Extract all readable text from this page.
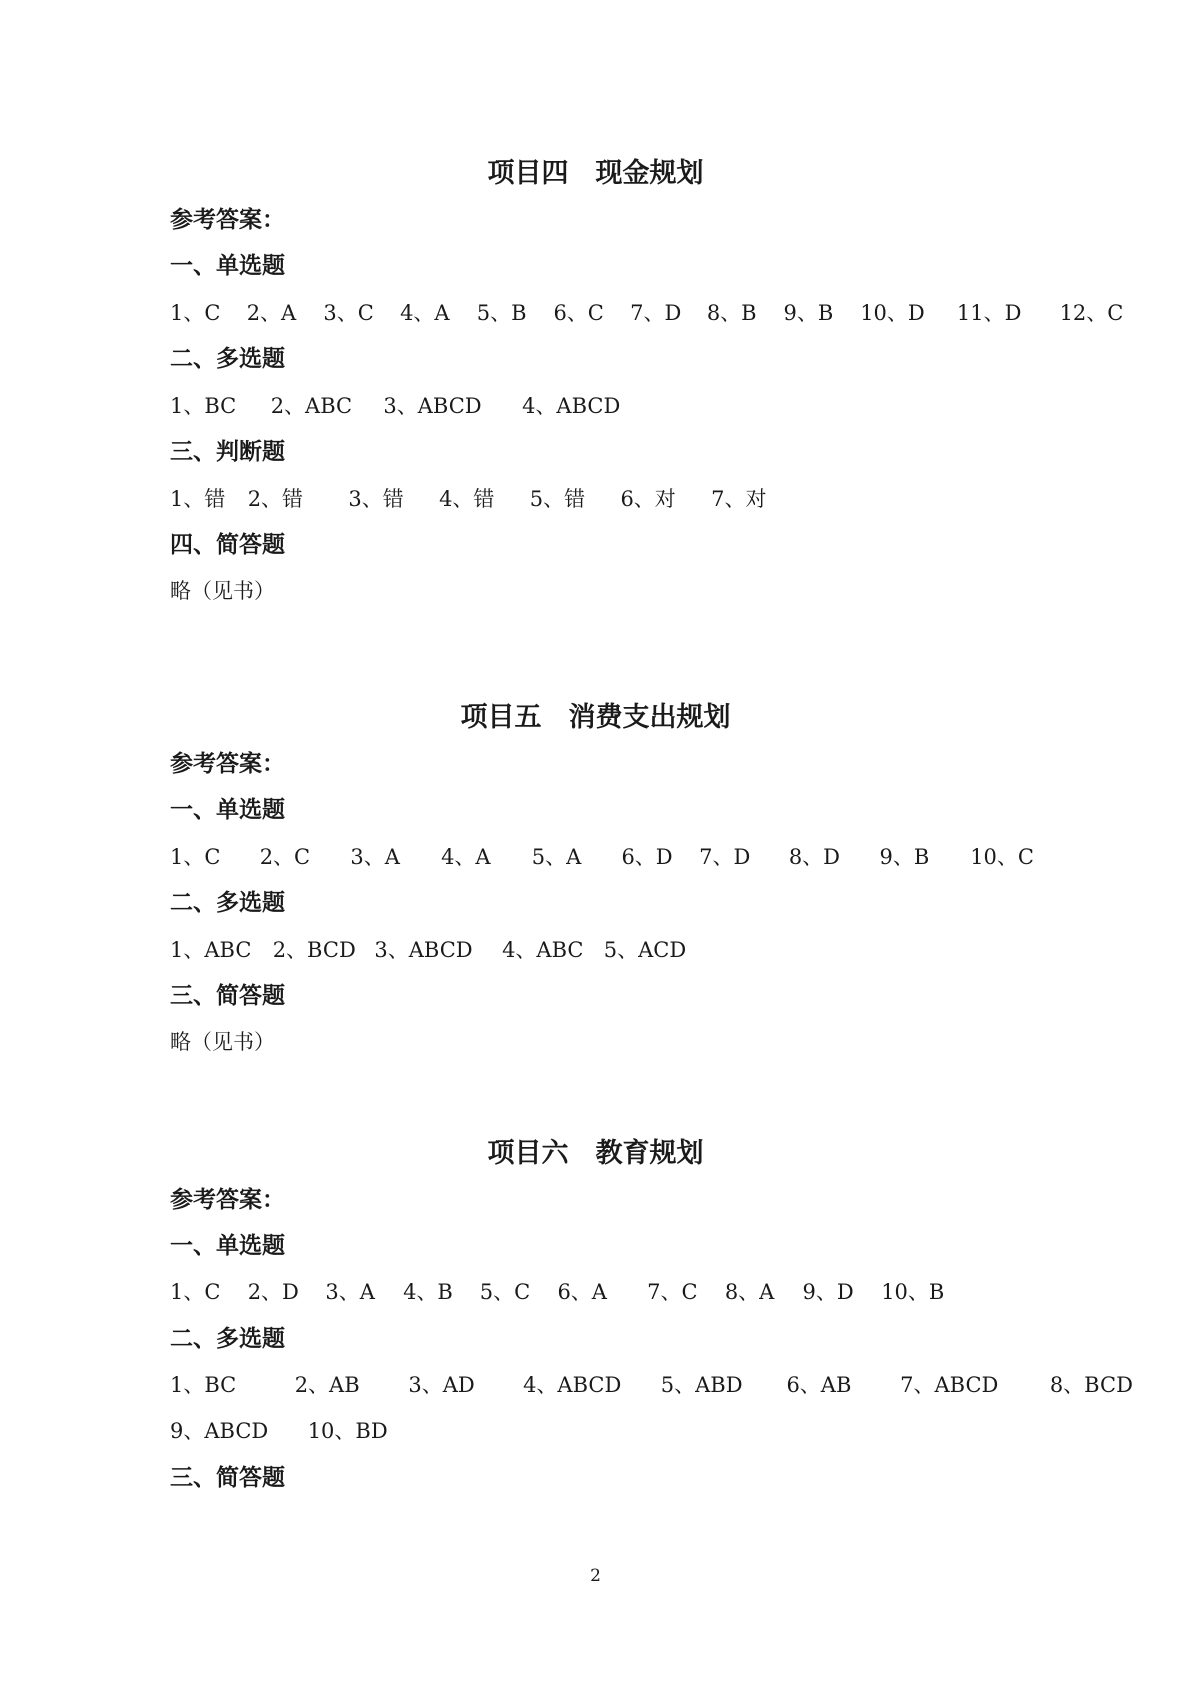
项目四　现金规划
参考答案：
一、单选题
1、C 2、A 3、C 4、A 5、B 6、C 7、D 8、B 9、B 10、D 11、D 12、C
二、多选题
1、BC 2、ABC 3、ABCD 4、ABCD
三、判断题
1、错 2、错 3、错 4、错 5、错 6、对 7、对
四、简答题
略（见书）
项目五　消费支出规划
参考答案：
一、单选题
1、C 2、C 3、A 4、A 5、A 6、D 7、D 8、D 9、B 10、C
二、多选题
1、ABC 2、BCD 3、ABCD 4、ABC 5、ACD
三、简答题
略（见书）
项目六　教育规划
参考答案：
一、单选题
1、C 2、D 3、A 4、B 5、C 6、A 7、C 8、A 9、D 10、B
二、多选题
1、BC	2、AB 3、AD 4、ABCD 5、ABD 6、AB 7、ABCD 8、BCD
9、ABCD 10、BD
三、简答题
2
